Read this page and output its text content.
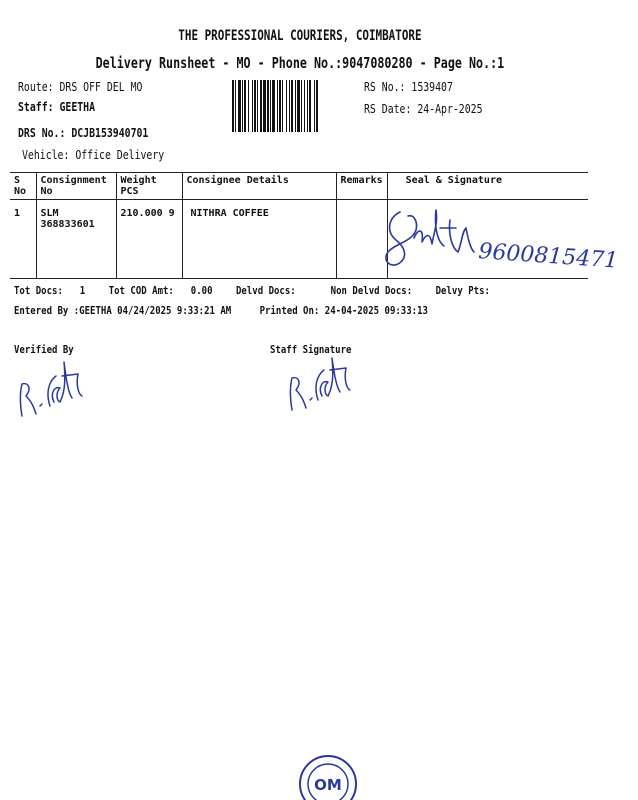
THE PROFESSIONAL COURIERS, COIMBATORE
Delivery Runsheet - MO - Phone No.:9047080280 - Page No.:1
Route: DRS OFF DEL MO
Staff: GEETHA
DRS No.: DCJB153940701
Vehicle: Office Delivery
RS No.: 1539407
RS Date: 24-Apr-2025
S No	Consignment No	Weight PCS	Consignee Details	Remarks	Seal & Signature
1	SLM 368833601	210.000 9	NITHRA COFFEE		
9600815471
Tot Docs: 1 Tot COD Amt: 0.00 Delvd Docs:	Non Delvd Docs: Delvy Pts:
Entered By :GEETHA 04/24/2025 9:33:21 AM	Printed On: 24-04-2025 09:33:13
Verified By	Staff Signature
OM
